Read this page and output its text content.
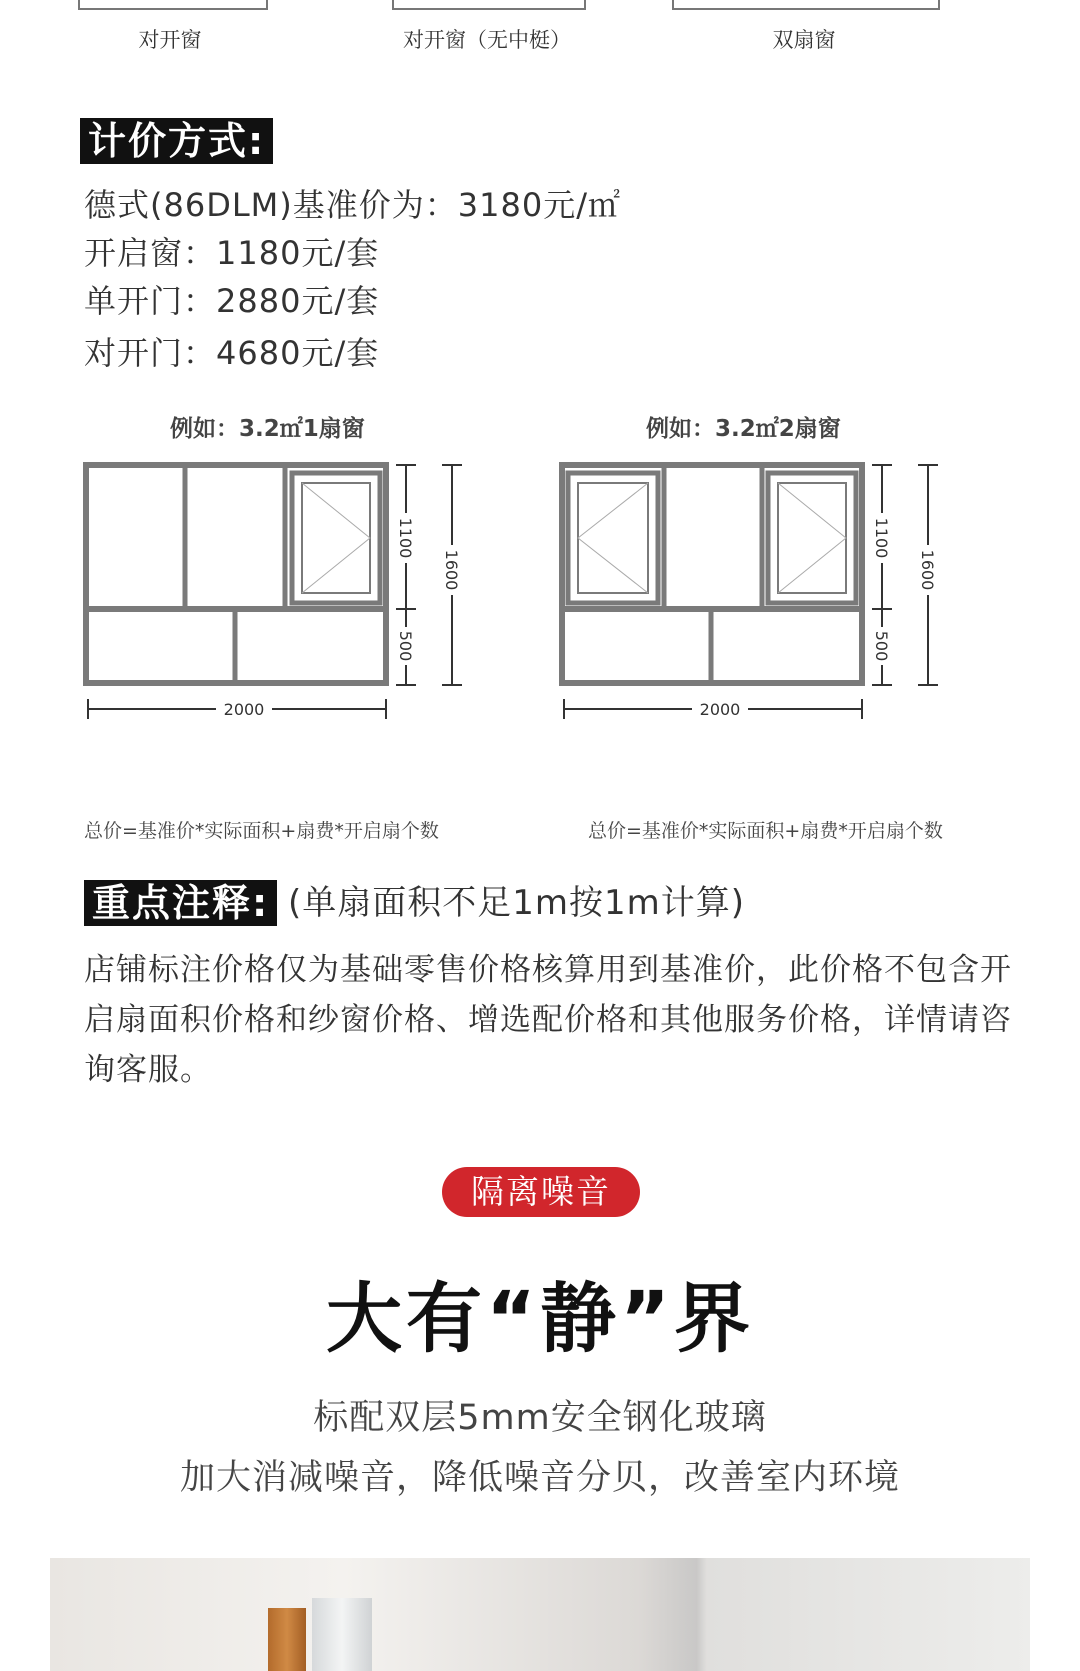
对开窗	对开窗（无中梃）	双扇窗
计价方式:
德式(86DLM)基准价为：3180元/㎡
开启窗：1180元/套
单开门：2880元/套
对开门：4680元/套
例如：3.2㎡1扇窗	例如：3.2㎡2扇窗
2000
1100
500
1600
2000
1100
500
1600
总价=基准价*实际面积+扇费*开启扇个数	总价=基准价*实际面积+扇费*开启扇个数
重点注释: (单扇面积不足1m按1m计算)
店铺标注价格仅为基础零售价格核算用到基准价，此价格不包含开启扇面积价格和纱窗价格、增选配价格和其他服务价格，详情请咨询客服。
隔离噪音
大有“静”界
标配双层5mm安全钢化玻璃
加大消减噪音，降低噪音分贝，改善室内环境
